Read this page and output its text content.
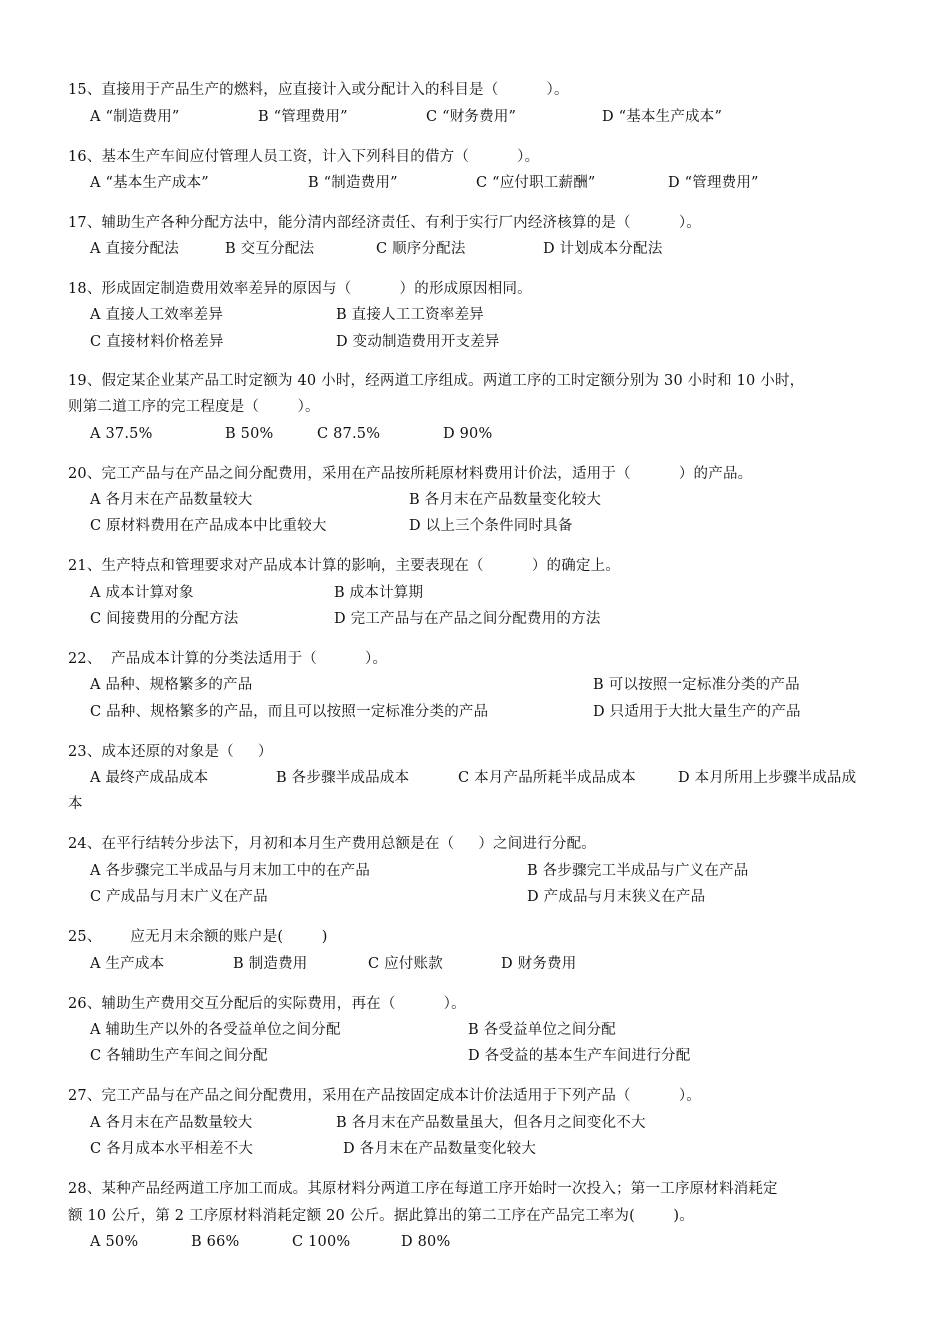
15、直接用于产品生产的燃料，应直接计入或分配计入的科目是（          ）。
A “制造费用”	B “管理费用”	C “财务费用”	D “基本生产成本”
16、基本生产车间应付管理人员工资，计入下列科目的借方（          ）。
A “基本生产成本”	B “制造费用”	C “应付职工薪酬”	D “管理费用”
17、辅助生产各种分配方法中，能分清内部经济责任、有利于实行厂内经济核算的是（          ）。
A 直接分配法	B 交互分配法	C 顺序分配法	D 计划成本分配法
18、形成固定制造费用效率差异的原因与（          ）的形成原因相同。
A 直接人工效率差异	B 直接人工工资率差异
C 直接材料价格差异	D 变动制造费用开支差异
19、假定某企业某产品工时定额为 40 小时，经两道工序组成。两道工序的工时定额分别为 30 小时和 10 小时，
则第二道工序的完工程度是（        ）。
A 37.5%	B 50%	C 87.5%	D 90%
20、完工产品与在产品之间分配费用，采用在产品按所耗原材料费用计价法，适用于（          ）的产品。
A 各月末在产品数量较大	B 各月末在产品数量变化较大
C 原材料费用在产品成本中比重较大	D 以上三个条件同时具备
21、生产特点和管理要求对产品成本计算的影响，主要表现在（          ）的确定上。
A 成本计算对象	B 成本计算期
C 间接费用的分配方法	D 完工产品与在产品之间分配费用的方法
22、  产品成本计算的分类法适用于（          ）。
A 品种、规格繁多的产品	B 可以按照一定标准分类的产品
C 品种、规格繁多的产品，而且可以按照一定标准分类的产品	D 只适用于大批大量生产的产品
23、成本还原的对象是（     ）
A 最终产成品成本	B 各步骤半成品成本	C 本月产品所耗半成品成本	D 本月所用上步骤半成品成
本
24、在平行结转分步法下，月初和本月生产费用总额是在（     ）之间进行分配。
A 各步骤完工半成品与月末加工中的在产品	B 各步骤完工半成品与广义在产品
C 产成品与月末广义在产品	D 产成品与月末狭义在产品
25、      应无月末余额的账户是(        )
A 生产成本	B 制造费用	C 应付账款	D 财务费用
26、辅助生产费用交互分配后的实际费用，再在（          ）。
A 辅助生产以外的各受益单位之间分配	B 各受益单位之间分配
C 各辅助生产车间之间分配	D 各受益的基本生产车间进行分配
27、完工产品与在产品之间分配费用，采用在产品按固定成本计价法适用于下列产品（          ）。
A 各月末在产品数量较大	B 各月末在产品数量虽大，但各月之间变化不大
C 各月成本水平相差不大	D 各月末在产品数量变化较大
28、某种产品经两道工序加工而成。其原材料分两道工序在每道工序开始时一次投入；第一工序原材料消耗定
额 10 公斤，第 2 工序原材料消耗定额 20 公斤。据此算出的第二工序在产品完工率为(        )。
A 50%	B 66%	C 100%	D 80%
